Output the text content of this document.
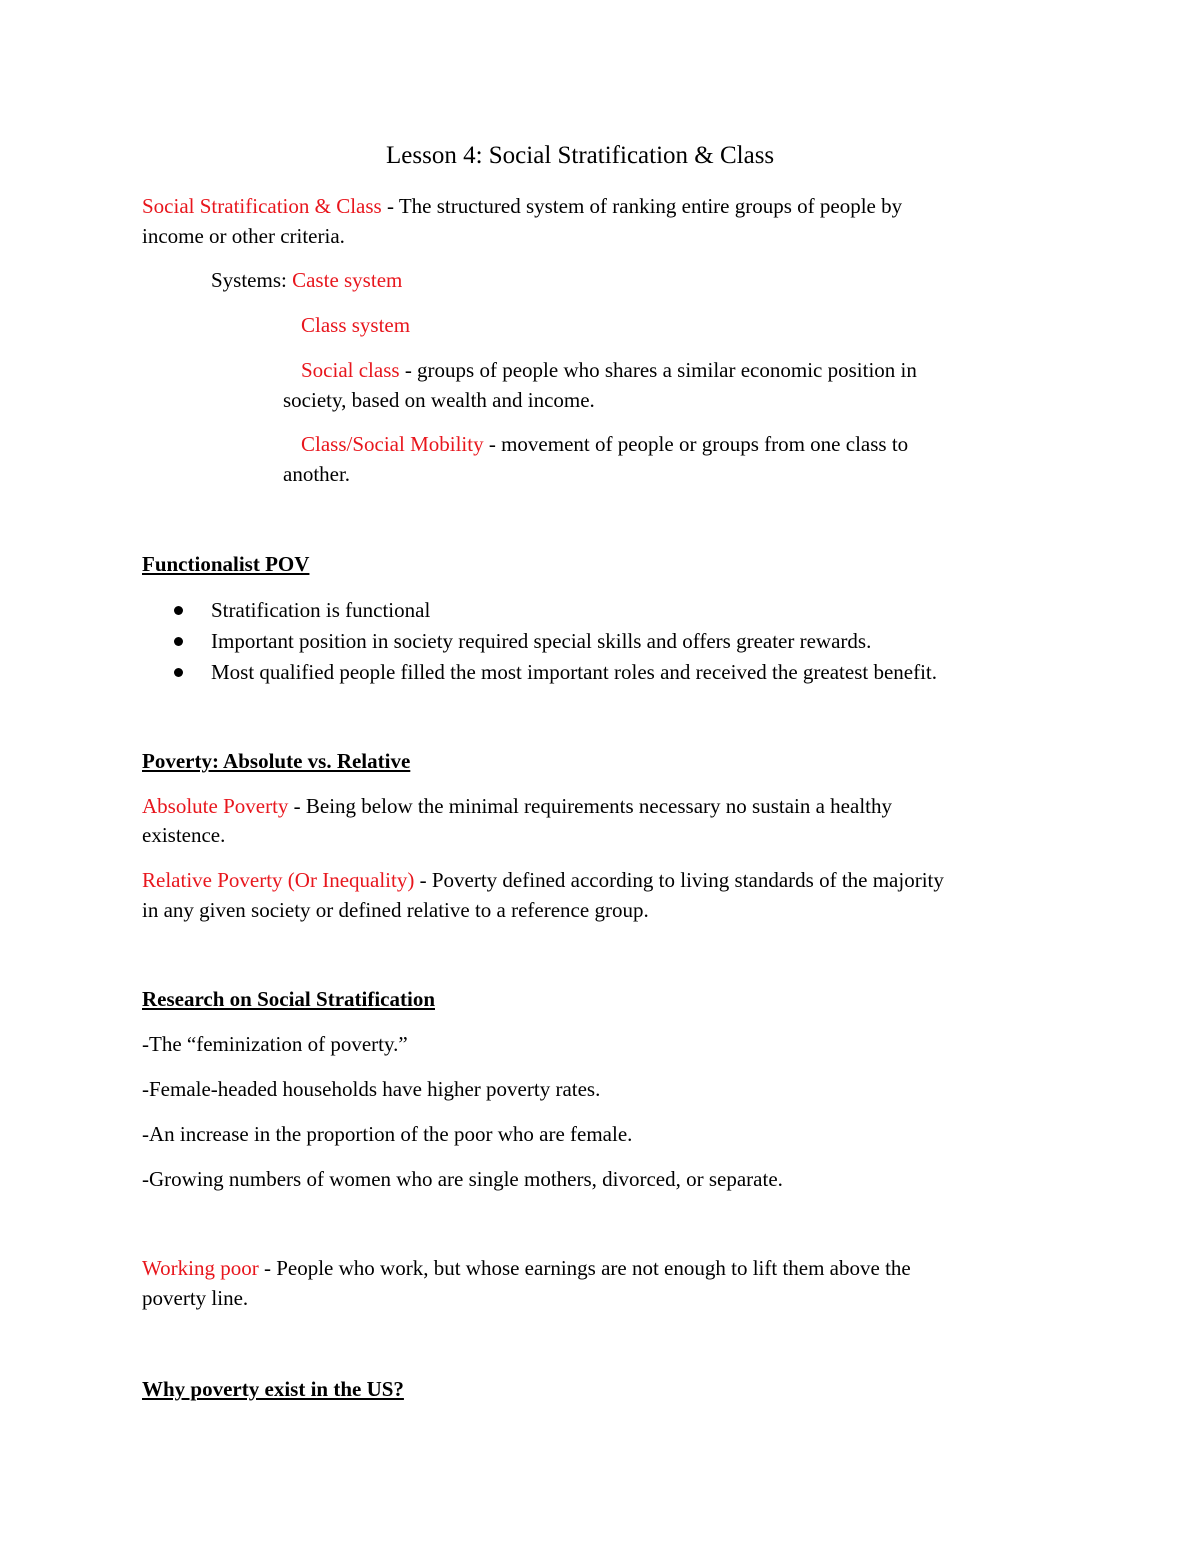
Lesson 4: Social Stratification & Class
Social Stratification & Class - The structured system of ranking entire groups of people by
income or other criteria.
Systems: Caste system
Class system
Social class - groups of people who shares a similar economic position in
society, based on wealth and income.
Class/Social Mobility - movement of people or groups from one class to
another.
Functionalist POV
Stratification is functional
Important position in society required special skills and offers greater rewards.
Most qualified people filled the most important roles and received the greatest benefit.
Poverty: Absolute vs. Relative
Absolute Poverty - Being below the minimal requirements necessary no sustain a healthy
existence.
Relative Poverty (Or Inequality) - Poverty defined according to living standards of the majority
in any given society or defined relative to a reference group.
Research on Social Stratification
-The “feminization of poverty.”
-Female-headed households have higher poverty rates.
-An increase in the proportion of the poor who are female.
-Growing numbers of women who are single mothers, divorced, or separate.
Working poor - People who work, but whose earnings are not enough to lift them above the
poverty line.
Why poverty exist in the US?
